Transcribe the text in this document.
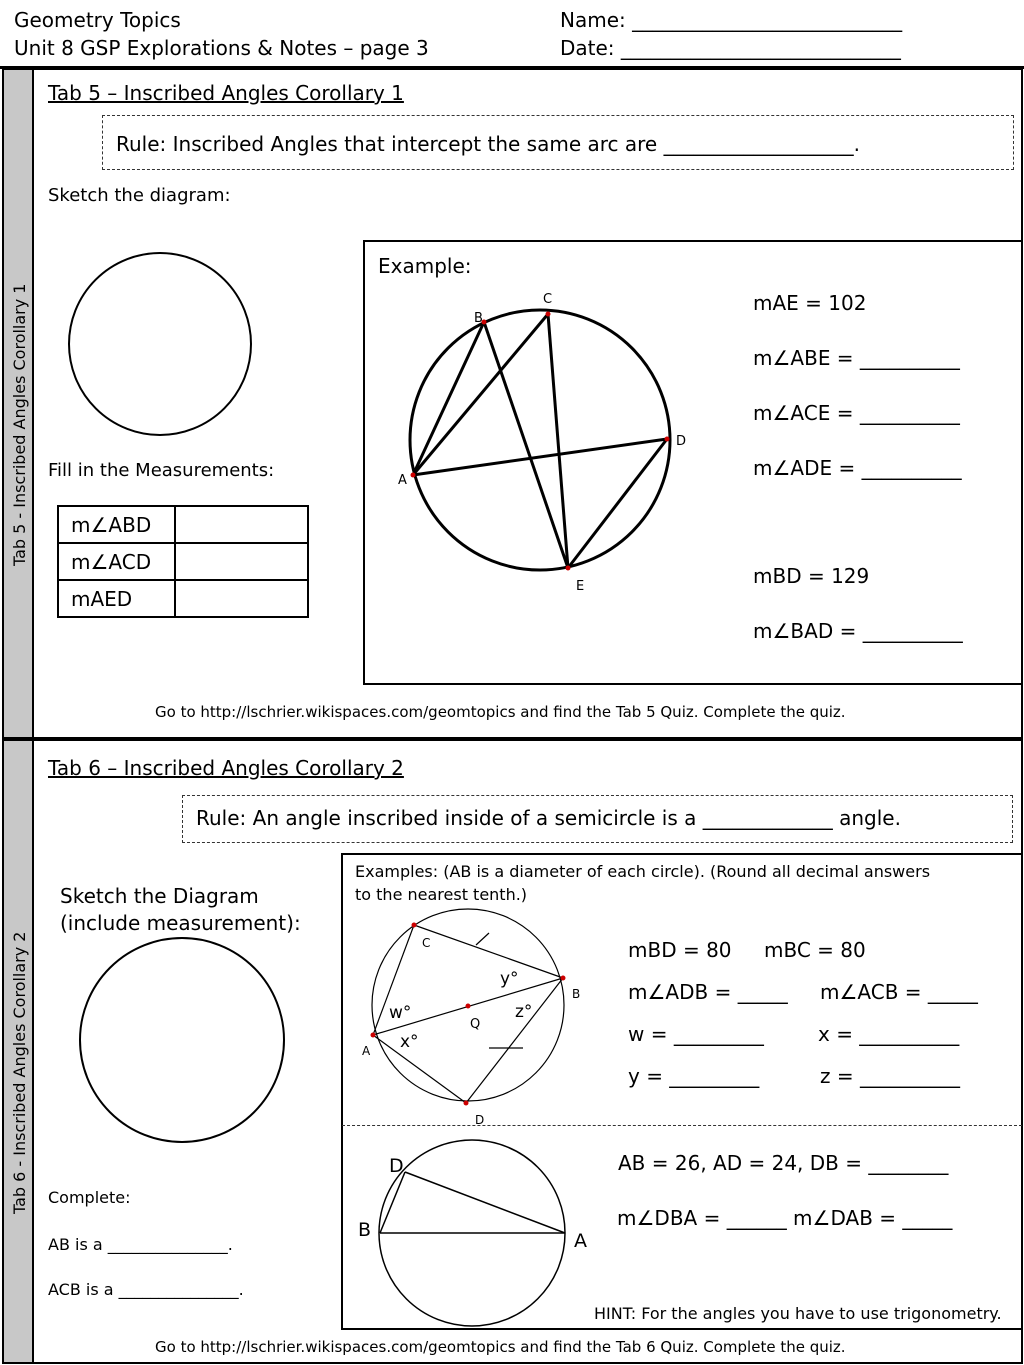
Geometry Topics
Unit 8 GSP Explorations & Notes – page 3
Name: ___________________________
Date: ____________________________
Tab 5 - Inscribed Angles Corollary 1
Tab 5 – Inscribed Angles Corollary 1
Rule: Inscribed Angles that intercept the same arc are ___________________.
Sketch the diagram:
Fill in the Measurements:
m∠ABD	
m∠ACD	
mAED	
Example:
A
B
C
D
E
mAE = 102
m∠ABE = __________
m∠ACE = __________
m∠ADE = __________
mBD = 129
m∠BAD = __________
Go to http://lschrier.wikispaces.com/geomtopics and find the Tab 5 Quiz. Complete the quiz.
Tab 6 - Inscribed Angles Corollary 2
Tab 6 – Inscribed Angles Corollary 2
Rule: An angle inscribed inside of a semicircle is a _____________ angle.
Sketch the Diagram
(include measurement):
Complete:
AB is a _______________.
ACB is a _______________.
Examples: (AB is a diameter of each circle). (Round all decimal answers
to the nearest tenth.)
A
B
C
D
Q
w°
x°
y°
z°
mBD = 80 mBC = 80
m∠ADB = _____ m∠ACB = _____
w = _________	x = __________
y = _________	z = __________
D
B	A
AB = 26, AD = 24, DB = ________
m∠DBA = ______ m∠DAB = _____
HINT: For the angles you have to use trigonometry.
Go to http://lschrier.wikispaces.com/geomtopics and find the Tab 6 Quiz. Complete the quiz.
